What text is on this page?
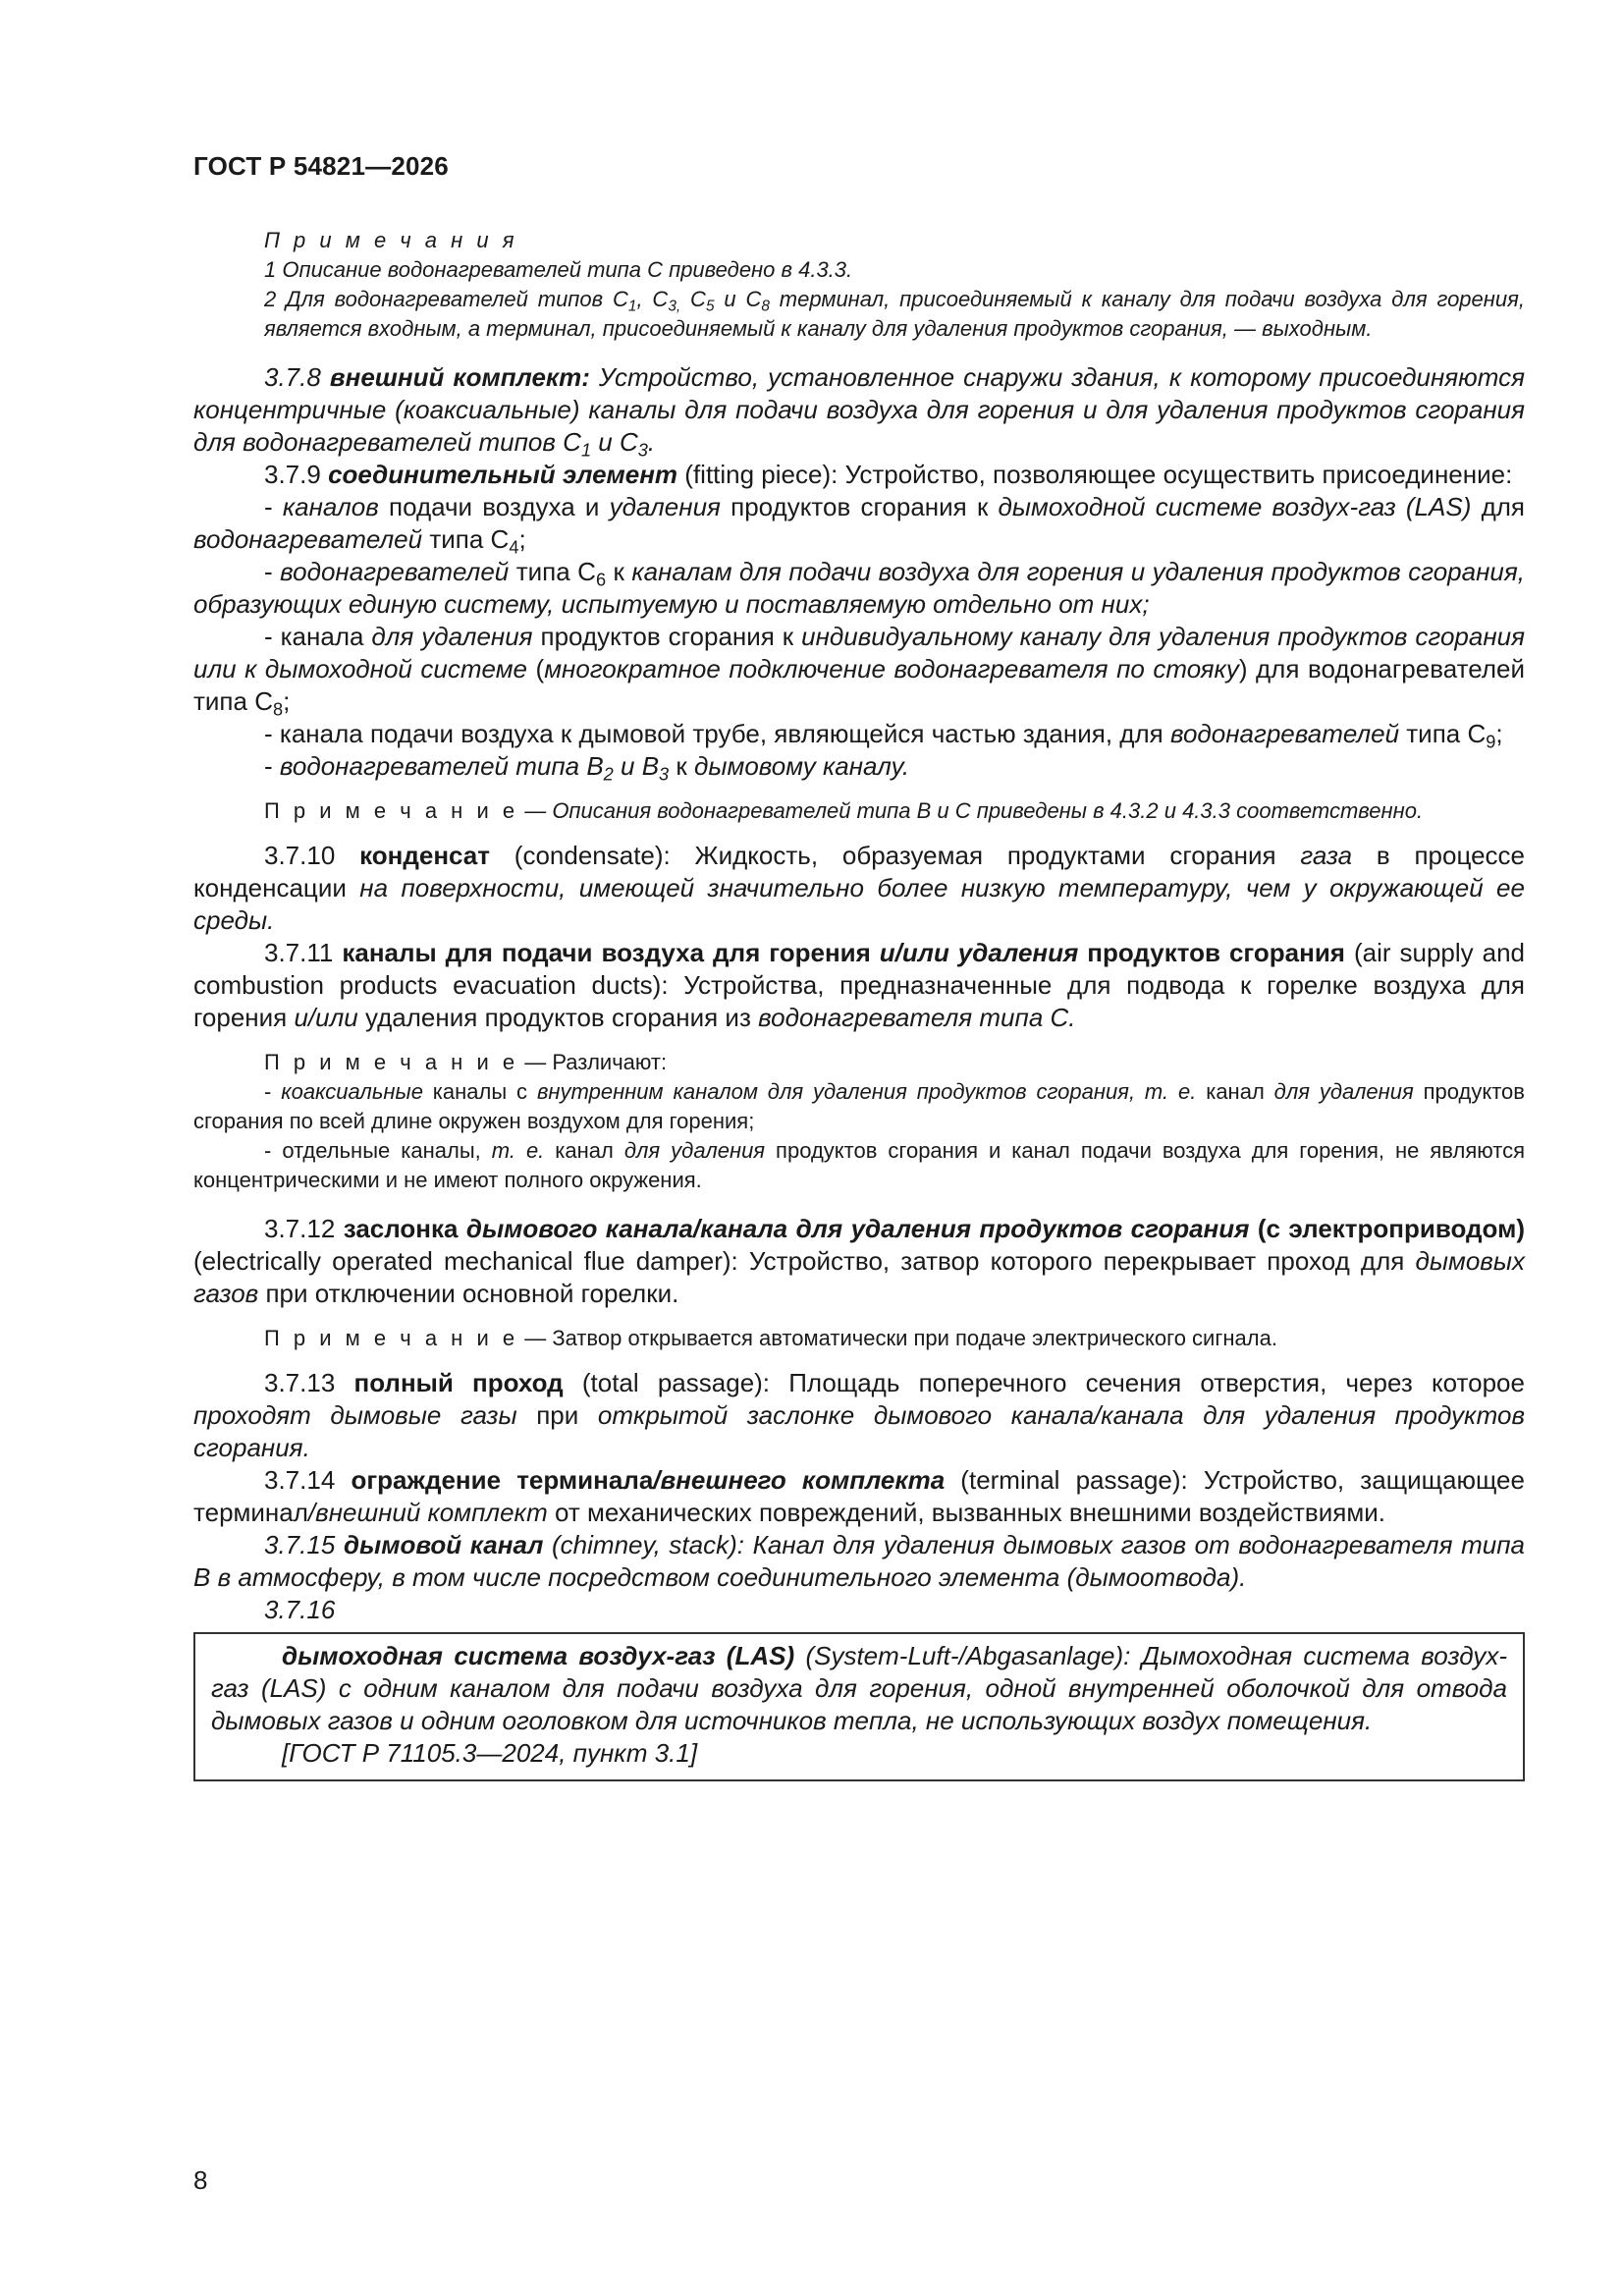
ГОСТ Р 54821—2026

П р и м е ч а н и я

1 Описание водонагревателей типа С приведено в 4.3.3.

2 Для водонагревателей типов $С_1$, $С_{3,}$ $С_5$ и $С_8$ терминал, присоединяемый к каналу для подачи воздуха для горения, является входным, а терминал, присоединяемый к каналу для удаления продуктов сгорания, — выходным.

3.7.8 внешний комплект: Устройство, установленное снаружи здания, к которому присоединяются концентричные (коаксиальные) каналы для подачи воздуха для горения и для удаления продуктов сгорания для водонагревателей типов $С_1$ и $С_3$.

3.7.9 соединительный элемент (fitting piece): Устройство, позволяющее осуществить присоединение:

- каналов подачи воздуха и удаления продуктов сгорания к дымоходной системе воздух-газ (LAS) для водонагревателей типа $С_4$;

- водонагревателей типа $С_6$ к каналам для подачи воздуха для горения и удаления продуктов сгорания, образующих единую систему, испытуемую и поставляемую отдельно от них;

- канала для удаления продуктов сгорания к индивидуальному каналу для удаления продуктов сгорания или к дымоходной системе (многократное подключение водонагревателя по стояку) для водонагревателей типа $С_8$;

- канала подачи воздуха к дымовой трубе, являющейся частью здания, для водонагревателей типа $С_9$;

- водонагревателей типа $В_2$ и $В_3$ к дымовому каналу.

П р и м е ч а н и е — Описания водонагревателей типа В и С приведены в 4.3.2 и 4.3.3 соответственно.

3.7.10 конденсат (condensate): Жидкость, образуемая продуктами сгорания газа в процессе конденсации на поверхности, имеющей значительно более низкую температуру, чем у окружающей ее среды.

3.7.11 каналы для подачи воздуха для горения и/или удаления продуктов сгорания (air supply and combustion products evacuation ducts): Устройства, предназначенные для подвода к горелке воздуха для горения и/или удаления продуктов сгорания из водонагревателя типа С.

П р и м е ч а н и е — Различают:

- коаксиальные каналы с внутренним каналом для удаления продуктов сгорания, т. е. канал для удаления продуктов сгорания по всей длине окружен воздухом для горения;

- отдельные каналы, т. е. канал для удаления продуктов сгорания и канал подачи воздуха для горения, не являются концентрическими и не имеют полного окружения.

3.7.12 заслонка дымового канала/канала для удаления продуктов сгорания (с электроприводом) (electrically operated mechanical flue damper): Устройство, затвор которого перекрывает проход для дымовых газов при отключении основной горелки.

П р и м е ч а н и е — Затвор открывается автоматически при подаче электрического сигнала.

3.7.13 полный проход (total passage): Площадь поперечного сечения отверстия, через которое проходят дымовые газы при открытой заслонке дымового канала/канала для удаления продуктов сгорания.

3.7.14 ограждение терминала/внешнего комплекта (terminal passage): Устройство, защищающее терминал/внешний комплект от механических повреждений, вызванных внешними воздействиями.

3.7.15 дымовой канал (chimney, stack): Канал для удаления дымовых газов от водонагревателя типа В в атмосферу, в том числе посредством соединительного элемента (дымоотвода).

3.7.16

дымоходная система воздух-газ (LAS) (System-Luft-/Abgasanlage): Дымоходная система воздух-газ (LAS) с одним каналом для подачи воздуха для горения, одной внутренней оболочкой для отвода дымовых газов и одним оголовком для источников тепла, не использующих воздух помещения.

[ГОСТ Р 71105.3—2024, пункт 3.1]

8
